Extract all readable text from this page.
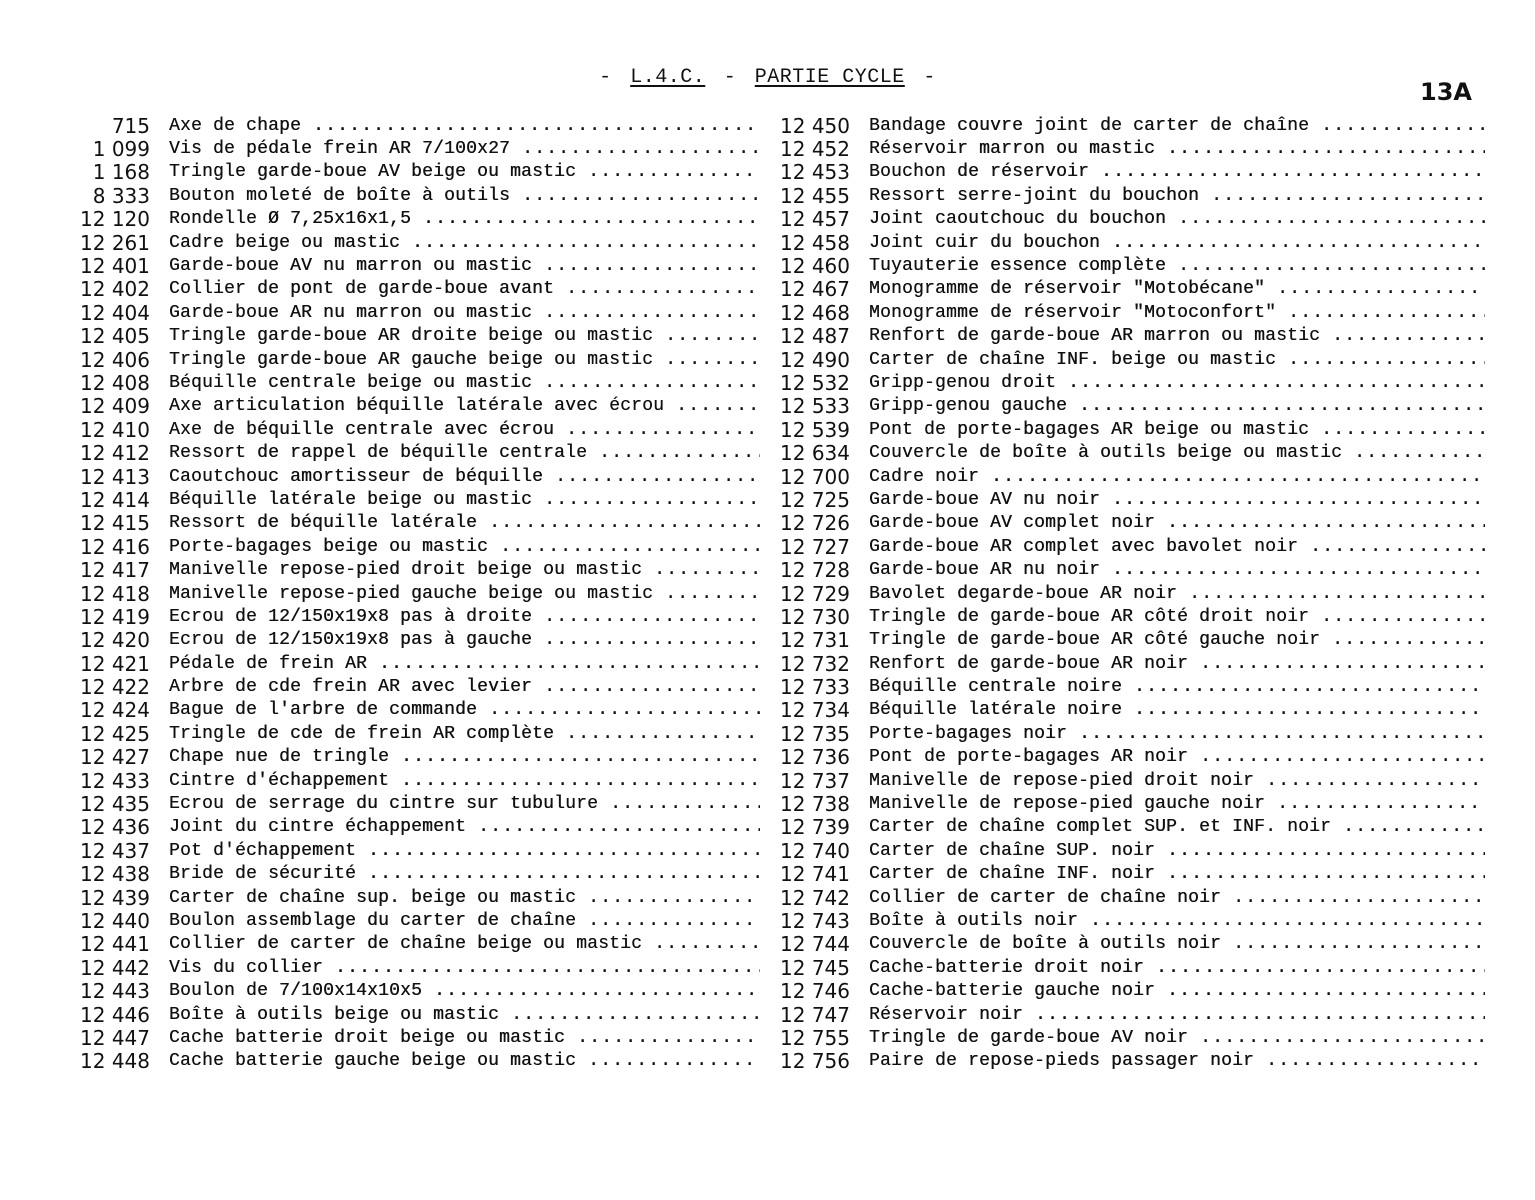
- L.4.C. - PARTIE CYCLE -
13A
715	Axe de chape .....
1 099	Vis de pédale frein AR 7/100x27 .....
1 168	Tringle garde-boue AV beige ou mastic .....
8 333	Bouton moleté de boîte à outils .....
12 120	Rondelle Ø 7,25x16x1,5 .....
12 261	Cadre beige ou mastic .....
12 401	Garde-boue AV nu marron ou mastic .....
12 402	Collier de pont de garde-boue avant .....
12 404	Garde-boue AR nu marron ou mastic .....
12 405	Tringle garde-boue AR droite beige ou mastic .....
12 406	Tringle garde-boue AR gauche beige ou mastic .....
12 408	Béquille centrale beige ou mastic .....
12 409	Axe articulation béquille latérale avec écrou .....
12 410	Axe de béquille centrale avec écrou .....
12 412	Ressort de rappel de béquille centrale .....
12 413	Caoutchouc amortisseur de béquille .....
12 414	Béquille latérale beige ou mastic .....
12 415	Ressort de béquille latérale .....
12 416	Porte-bagages beige ou mastic .....
12 417	Manivelle repose-pied droit beige ou mastic .....
12 418	Manivelle repose-pied gauche beige ou mastic .....
12 419	Ecrou de 12/150x19x8 pas à droite .....
12 420	Ecrou de 12/150x19x8 pas à gauche .....
12 421	Pédale de frein AR .....
12 422	Arbre de cde frein AR avec levier .....
12 424	Bague de l'arbre de commande .....
12 425	Tringle de cde de frein AR complète .....
12 427	Chape nue de tringle .....
12 433	Cintre d'échappement .....
12 435	Ecrou de serrage du cintre sur tubulure .....
12 436	Joint du cintre échappement .....
12 437	Pot d'échappement .....
12 438	Bride de sécurité .....
12 439	Carter de chaîne sup. beige ou mastic .....
12 440	Boulon assemblage du carter de chaîne .....
12 441	Collier de carter de chaîne beige ou mastic .....
12 442	Vis du collier .....
12 443	Boulon de 7/100x14x10x5 .....
12 446	Boîte à outils beige ou mastic .....
12 447	Cache batterie droit beige ou mastic .....
12 448	Cache batterie gauche beige ou mastic .....
12 450	Bandage couvre joint de carter de chaîne .....
12 452	Réservoir marron ou mastic .....
12 453	Bouchon de réservoir .....
12 455	Ressort serre-joint du bouchon .....
12 457	Joint caoutchouc du bouchon .....
12 458	Joint cuir du bouchon .....
12 460	Tuyauterie essence complète .....
12 467	Monogramme de réservoir "Motobécane" .....
12 468	Monogramme de réservoir "Motoconfort" .....
12 487	Renfort de garde-boue AR marron ou mastic .....
12 490	Carter de chaîne INF. beige ou mastic .....
12 532	Gripp-genou droit .....
12 533	Gripp-genou gauche .....
12 539	Pont de porte-bagages AR beige ou mastic .....
12 634	Couvercle de boîte à outils beige ou mastic .....
12 700	Cadre noir .....
12 725	Garde-boue AV nu noir .....
12 726	Garde-boue AV complet noir .....
12 727	Garde-boue AR complet avec bavolet noir .....
12 728	Garde-boue AR nu noir .....
12 729	Bavolet degarde-boue AR noir .....
12 730	Tringle de garde-boue AR côté droit noir .....
12 731	Tringle de garde-boue AR côté gauche noir .....
12 732	Renfort de garde-boue AR noir .....
12 733	Béquille centrale noire .....
12 734	Béquille latérale noire .....
12 735	Porte-bagages noir .....
12 736	Pont de porte-bagages AR noir .....
12 737	Manivelle de repose-pied droit noir .....
12 738	Manivelle de repose-pied gauche noir .....
12 739	Carter de chaîne complet SUP. et INF. noir .....
12 740	Carter de chaîne SUP. noir .....
12 741	Carter de chaîne INF. noir .....
12 742	Collier de carter de chaîne noir .....
12 743	Boîte à outils noir .....
12 744	Couvercle de boîte à outils noir .....
12 745	Cache-batterie droit noir .....
12 746	Cache-batterie gauche noir .....
12 747	Réservoir noir .....
12 755	Tringle de garde-boue AV noir .....
12 756	Paire de repose-pieds passager noir .....
